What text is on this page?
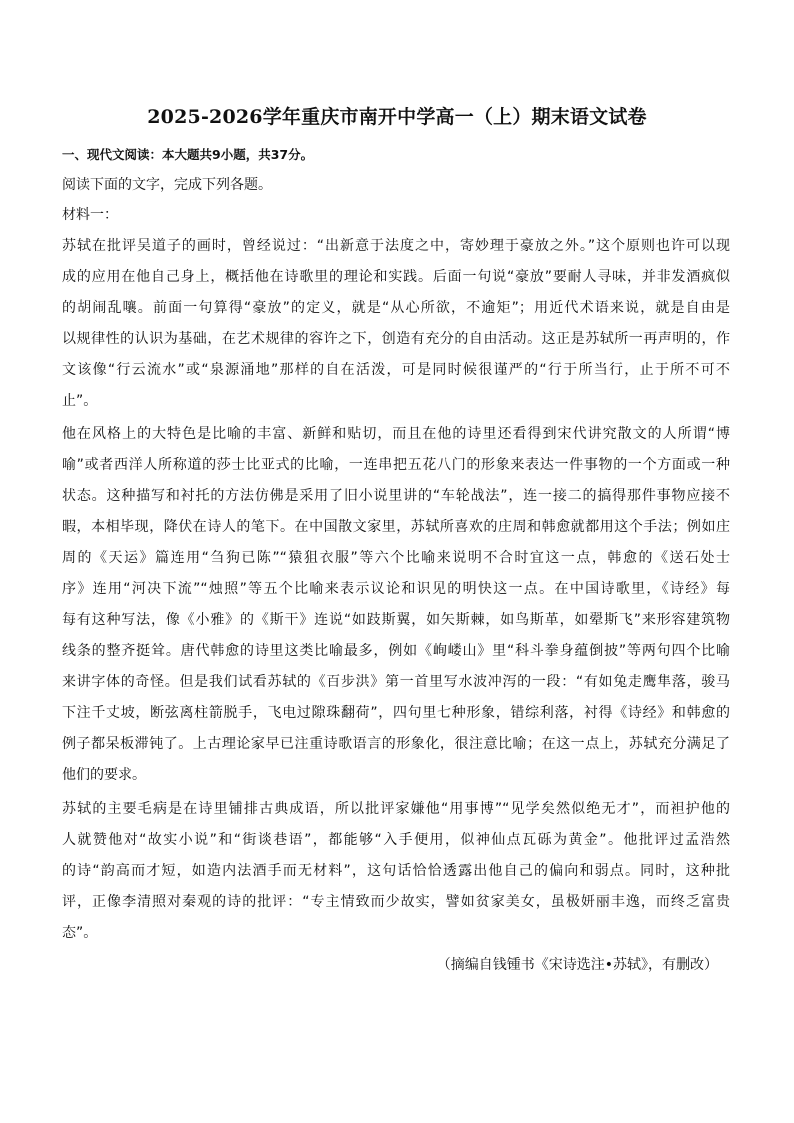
2025-2026学年重庆市南开中学高一（上）期末语文试卷

一、现代文阅读：本大题共9小题，共37分。

阅读下面的文字，完成下列各题。

材料一：

苏轼在批评吴道子的画时，曾经说过：“出新意于法度之中，寄妙理于豪放之外。”这个原则也许可以现

成的应用在他自己身上，概括他在诗歌里的理论和实践。后面一句说“豪放”要耐人寻味，并非发酒疯似

的胡闹乱嚷。前面一句算得“豪放”的定义，就是“从心所欲，不逾矩”；用近代术语来说，就是自由是

以规律性的认识为基础，在艺术规律的容许之下，创造有充分的自由活动。这正是苏轼所一再声明的，作

文该像“行云流水”或“泉源涌地”那样的自在活泼，可是同时候很谨严的“行于所当行，止于所不可不

止”。

他在风格上的大特色是比喻的丰富、新鲜和贴切，而且在他的诗里还看得到宋代讲究散文的人所谓“博

喻”或者西洋人所称道的莎士比亚式的比喻，一连串把五花八门的形象来表达一件事物的一个方面或一种

状态。这种描写和衬托的方法仿佛是采用了旧小说里讲的“车轮战法”，连一接二的搞得那件事物应接不

暇，本相毕现，降伏在诗人的笔下。在中国散文家里，苏轼所喜欢的庄周和韩愈就都用这个手法；例如庄

周的《天运》篇连用“刍狗已陈”“猿狙衣服”等六个比喻来说明不合时宜这一点，韩愈的《送石处士

序》连用“河决下流”“烛照”等五个比喻来表示议论和识见的明快这一点。在中国诗歌里，《诗经》每

每有这种写法，像《小雅》的《斯干》连说“如跂斯翼，如矢斯棘，如鸟斯革，如翚斯飞”来形容建筑物

线条的整齐挺耸。唐代韩愈的诗里这类比喻最多，例如《峋嵝山》里“科斗拳身蕴倒披”等两句四个比喻

来讲字体的奇怪。但是我们试看苏轼的《百步洪》第一首里写水波冲泻的一段：“有如兔走鹰隼落，骏马

下注千丈坡，断弦离柱箭脱手，飞电过隙珠翻荷”，四句里七种形象，错综利落，衬得《诗经》和韩愈的

例子都呆板滞钝了。上古理论家早已注重诗歌语言的形象化，很注意比喻；在这一点上，苏轼充分满足了

他们的要求。

苏轼的主要毛病是在诗里铺排古典成语，所以批评家嫌他“用事博”“见学矣然似绝无才”，而袒护他的

人就赞他对“故实小说”和“街谈巷语”，都能够“入手便用，似神仙点瓦砾为黄金”。他批评过孟浩然

的诗“韵高而才短，如造内法酒手而无材料”，这句话恰恰透露出他自己的偏向和弱点。同时，这种批

评，正像李清照对秦观的诗的批评：“专主情致而少故实，譬如贫家美女，虽极妍丽丰逸，而终乏富贵

态”。

（摘编自钱锺书《宋诗选注•苏轼》，有删改）
